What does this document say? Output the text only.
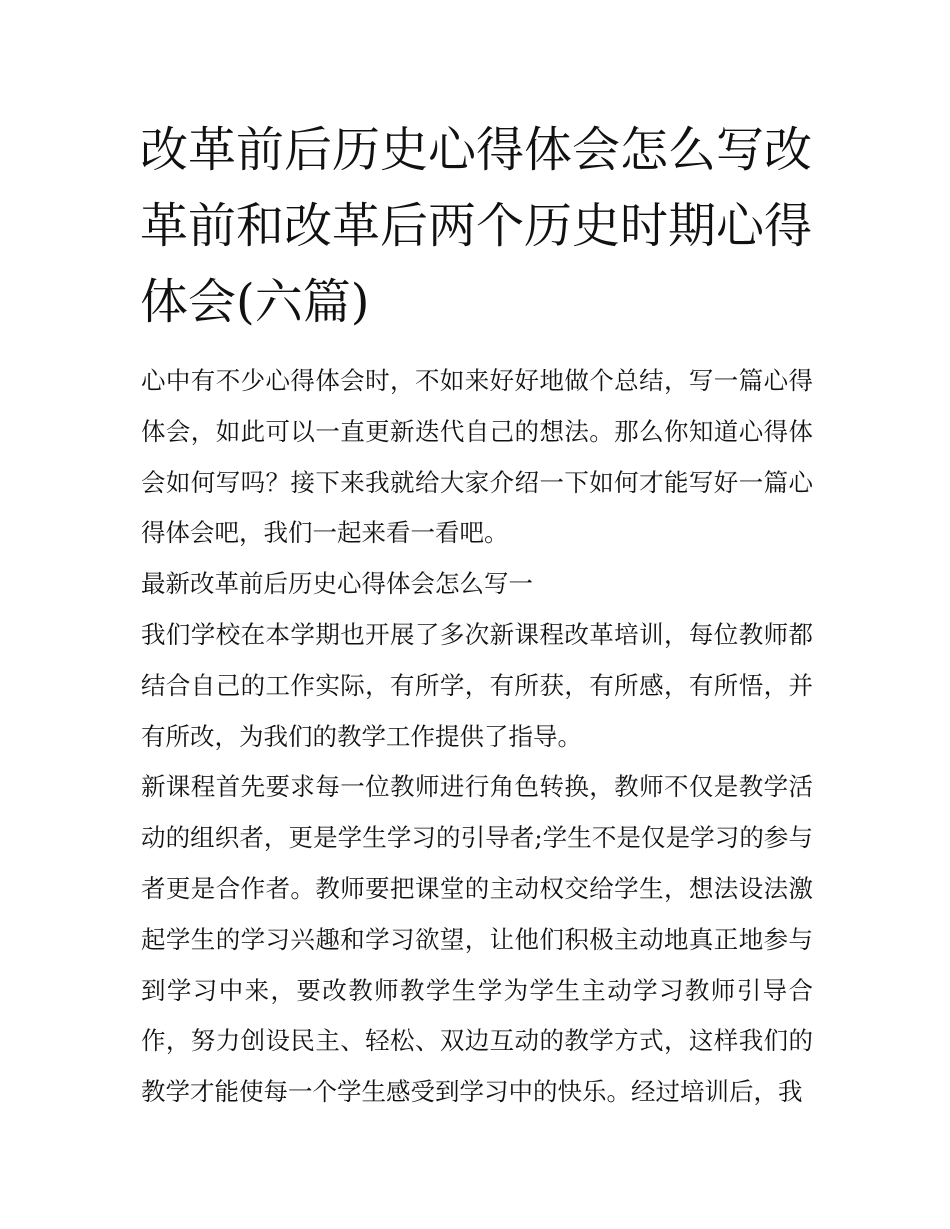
改革前后历史心得体会怎么写改革前和改革后两个历史时期心得体会(六篇)

心中有不少心得体会时，不如来好好地做个总结，写一篇心得体会，如此可以一直更新迭代自己的想法。那么你知道心得体会如何写吗？接下来我就给大家介绍一下如何才能写好一篇心得体会吧，我们一起来看一看吧。

最新改革前后历史心得体会怎么写一

我们学校在本学期也开展了多次新课程改革培训，每位教师都结合自己的工作实际，有所学，有所获，有所感，有所悟，并有所改，为我们的教学工作提供了指导。

新课程首先要求每一位教师进行角色转换，教师不仅是教学活动的组织者，更是学生学习的引导者;学生不是仅是学习的参与者更是合作者。教师要把课堂的主动权交给学生，想法设法激起学生的学习兴趣和学习欲望，让他们积极主动地真正地参与到学习中来，要改教师教学生学为学生主动学习教师引导合作，努力创设民主、轻松、双边互动的教学方式，这样我们的教学才能使每一个学生感受到学习中的快乐。经过培训后，我
